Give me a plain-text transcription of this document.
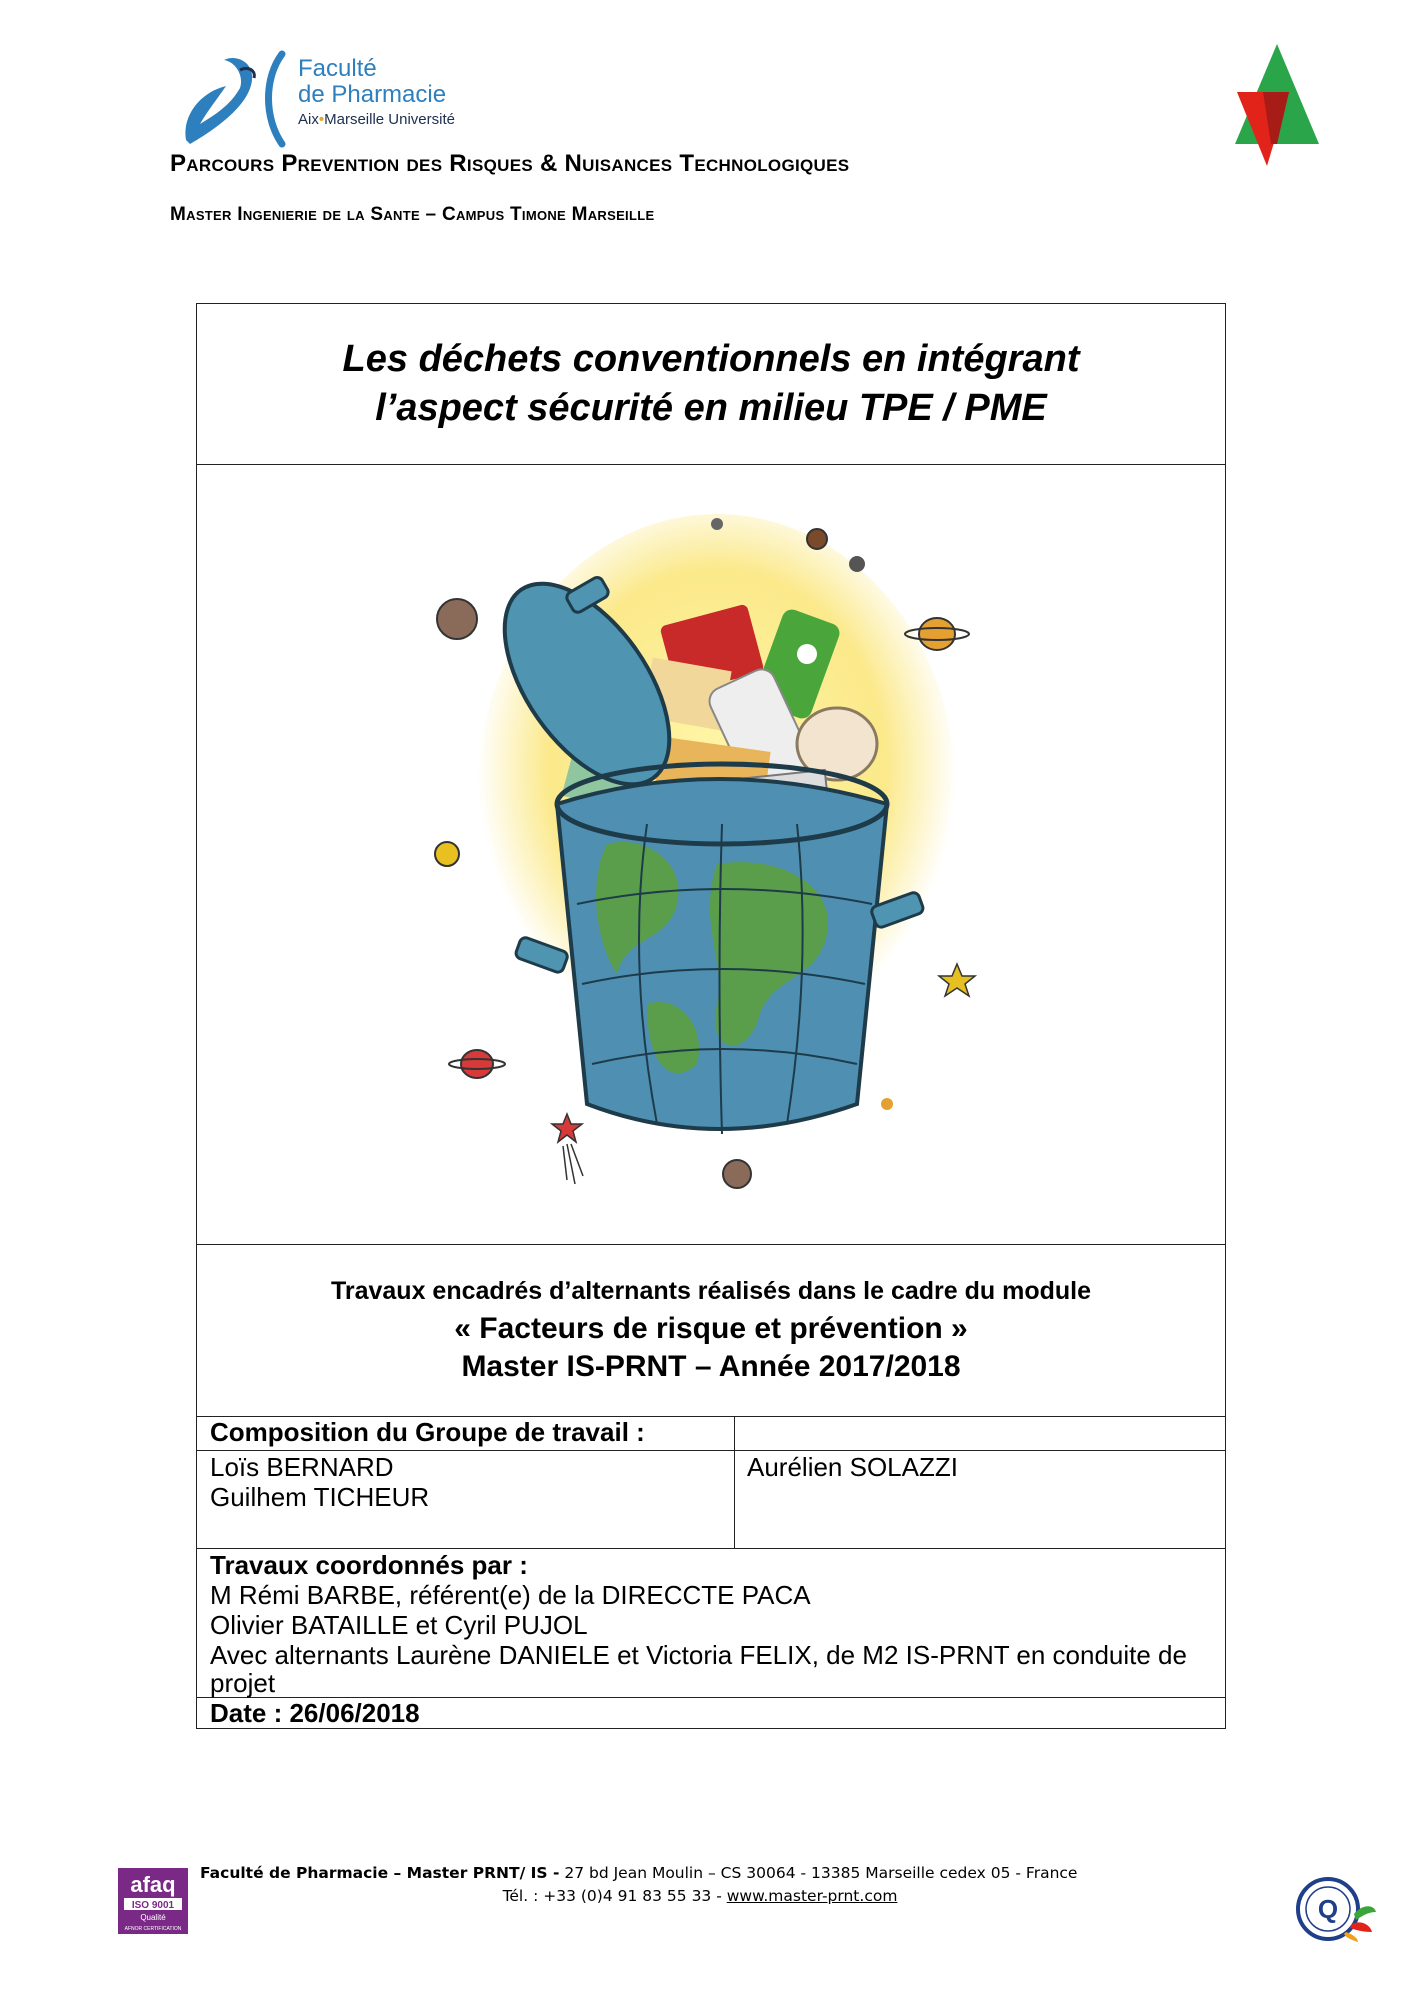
Faculté
de Pharmacie
Aix•Marseille Université
Parcours Prevention des Risques & Nuisances Technologiques
Master Ingenierie de la Sante – Campus Timone Marseille
Les déchets conventionnels en intégrant
l’aspect sécurité en milieu TPE / PME
Travaux encadrés d’alternants réalisés dans le cadre du module
« Facteurs de risque et prévention »
Master IS-PRNT – Année 2017/2018
Composition du Groupe de travail :
Loïs BERNARD
Guilhem TICHEUR
Aurélien SOLAZZI
Travaux coordonnés par :
M Rémi BARBE, référent(e) de la DIRECCTE PACA
Olivier BATAILLE et Cyril PUJOL
Avec alternants Laurène DANIELE et Victoria FELIX, de M2 IS-PRNT en conduite de
projet
Date : 26/06/2018
afaq
ISO 9001
Qualité
AFNOR CERTIFICATION
Faculté de Pharmacie – Master PRNT/ IS - 27 bd Jean Moulin – CS 30064 - 13385 Marseille cedex 05 - France
Tél. : +33 (0)4 91 83 55 33 - www.master-prnt.com	Q
